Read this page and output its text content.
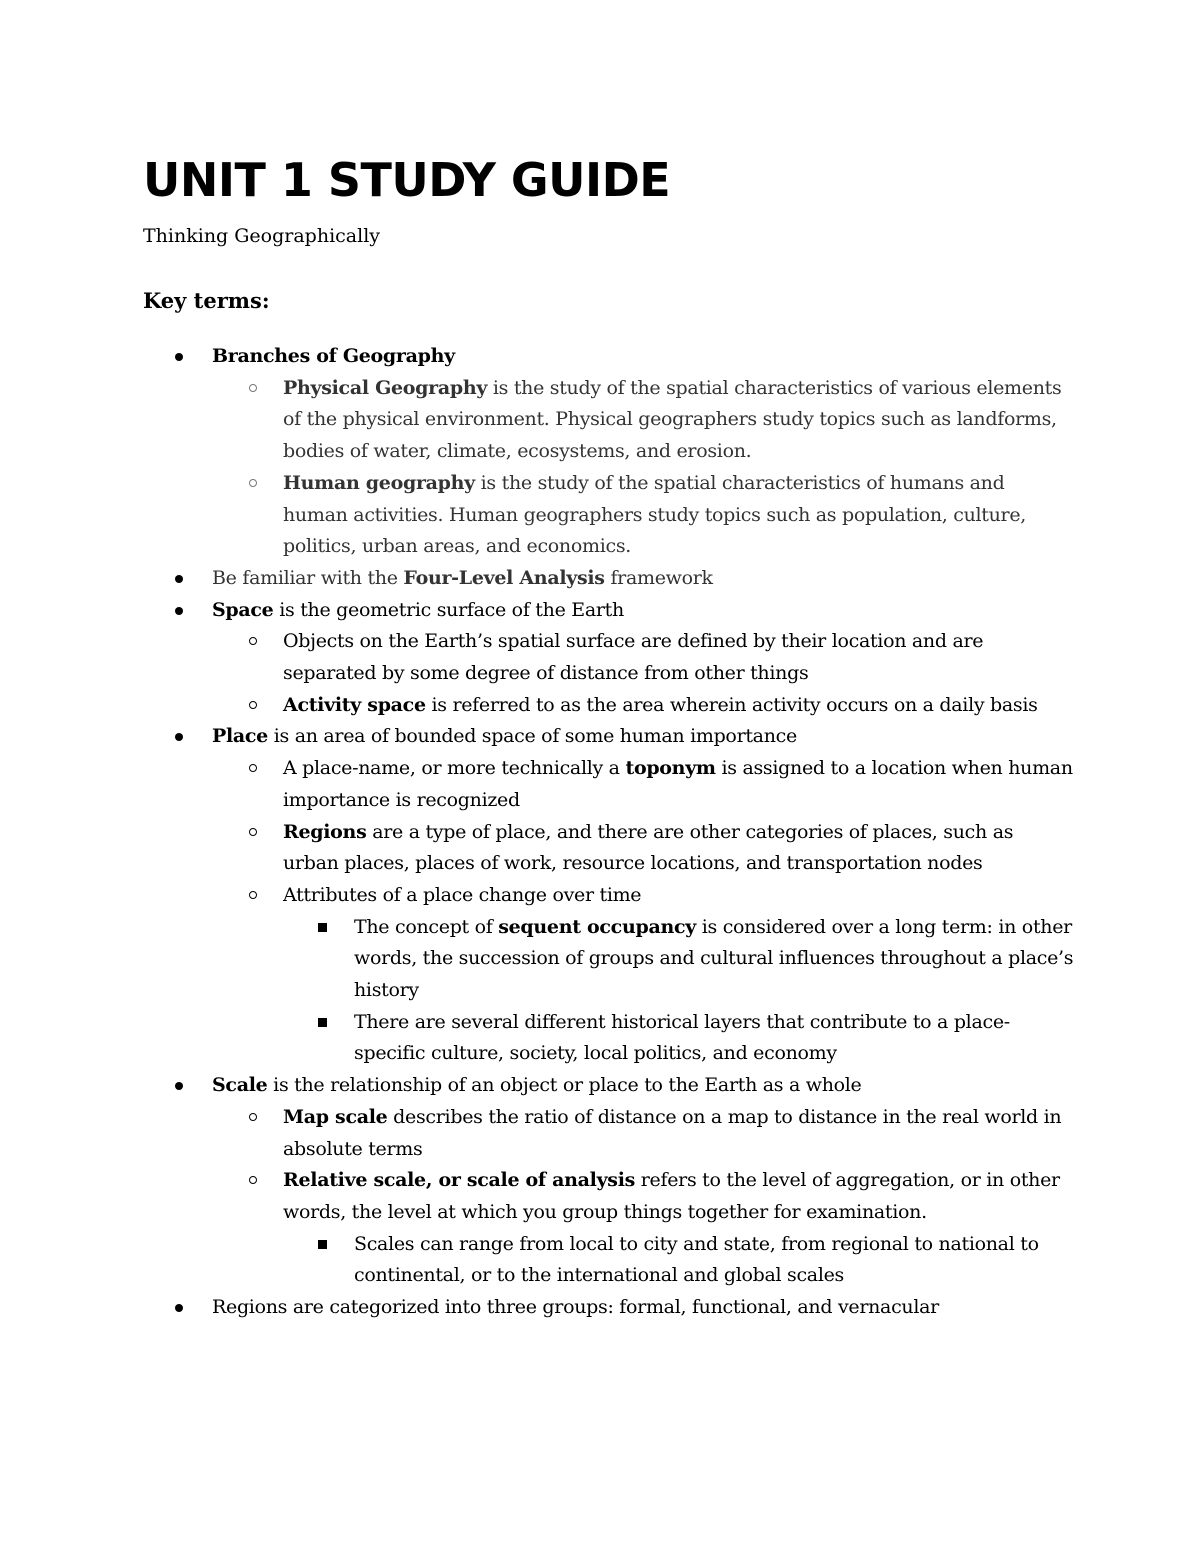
UNIT 1 STUDY GUIDE

Thinking Geographically

Key terms:

Branches of Geography
Physical Geography is the study of the spatial characteristics of various elements of the physical environment. Physical geographers study topics such as landforms, bodies of water, climate, ecosystems, and erosion.
Human geography is the study of the spatial characteristics of humans and human activities. Human geographers study topics such as population, culture, politics, urban areas, and economics.
Be familiar with the Four-Level Analysis framework
Space is the geometric surface of the Earth
Objects on the Earth’s spatial surface are defined by their location and are separated by some degree of distance from other things
Activity space is referred to as the area wherein activity occurs on a daily basis
Place is an area of bounded space of some human importance
A place-name, or more technically a toponym is assigned to a location when human importance is recognized
Regions are a type of place, and there are other categories of places, such as urban places, places of work, resource locations, and transportation nodes
Attributes of a place change over time
The concept of sequent occupancy is considered over a long term: in other words, the succession of groups and cultural influences throughout a place’s history
There are several different historical layers that contribute to a place-specific culture, society, local politics, and economy
Scale is the relationship of an object or place to the Earth as a whole
Map scale describes the ratio of distance on a map to distance in the real world in absolute terms
Relative scale, or scale of analysis refers to the level of aggregation, or in other words, the level at which you group things together for examination.
Scales can range from local to city and state, from regional to national to continental, or to the international and global scales
Regions are categorized into three groups: formal, functional, and vernacular
